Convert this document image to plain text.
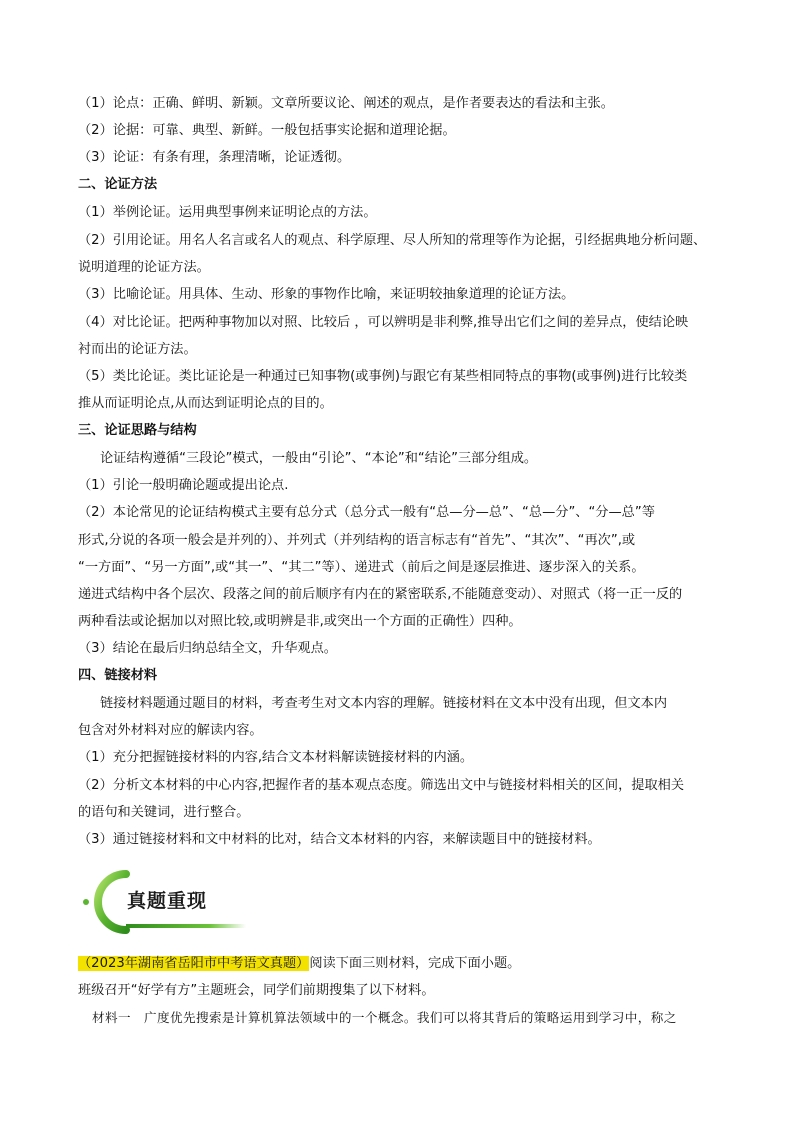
（1）论点：正确、鲜明、新颖。文章所要议论、阐述的观点，是作者要表达的看法和主张。
（2）论据：可靠、典型、新鲜。一般包括事实论据和道理论据。
（3）论证：有条有理，条理清晰，论证透彻。
二、论证方法
（1）举例论证。运用典型事例来证明论点的方法。
（2）引用论证。用名人名言或名人的观点、科学原理、尽人所知的常理等作为论据，引经据典地分析问题、
说明道理的论证方法。
（3）比喻论证。用具体、生动、形象的事物作比喻，来证明较抽象道理的论证方法。
（4）对比论证。把两种事物加以对照、比较后 ，可以辨明是非利弊,推导出它们之间的差异点，使结论映
衬而出的论证方法。
（5）类比论证。类比证论是一种通过已知事物(或事例)与跟它有某些相同特点的事物(或事例)进行比较类
推从而证明论点,从而达到证明论点的目的。
三、论证思路与结构
论证结构遵循“三段论”模式，一般由“引论”、“本论”和“结论”三部分组成。
（1）引论一般明确论题或提出论点.
（2）本论常见的论证结构模式主要有总分式（总分式一般有“总—分—总”、“总—分”、“分—总”等
形式,分说的各项一般会是并列的）、并列式（并列结构的语言标志有“首先”、“其次”、“再次”,或
“一方面”、“另一方面”,或“其一”、“其二”等）、递进式（前后之间是逐层推进、逐步深入的关系。
递进式结构中各个层次、段落之间的前后顺序有内在的紧密联系,不能随意变动）、对照式（将一正一反的
两种看法或论据加以对照比较,或明辨是非,或突出一个方面的正确性）四种。
（3）结论在最后归纳总结全文，升华观点。
四、链接材料
链接材料题通过题目的材料，考查考生对文本内容的理解。链接材料在文本中没有出现，但文本内
包含对外材料对应的解读内容。
（1）充分把握链接材料的内容,结合文本材料解读链接材料的内涵。
（2）分析文本材料的中心内容,把握作者的基本观点态度。筛选出文中与链接材料相关的区间，提取相关
的语句和关键词，进行整合。
（3）通过链接材料和文中材料的比对，结合文本材料的内容，来解读题目中的链接材料。
真题重现
（2023年湖南省岳阳市中考语文真题）阅读下面三则材料，完成下面小题。
班级召开“好学有方”主题班会，同学们前期搜集了以下材料。
材料一　广度优先搜索是计算机算法领域中的一个概念。我们可以将其背后的策略运用到学习中，称之
